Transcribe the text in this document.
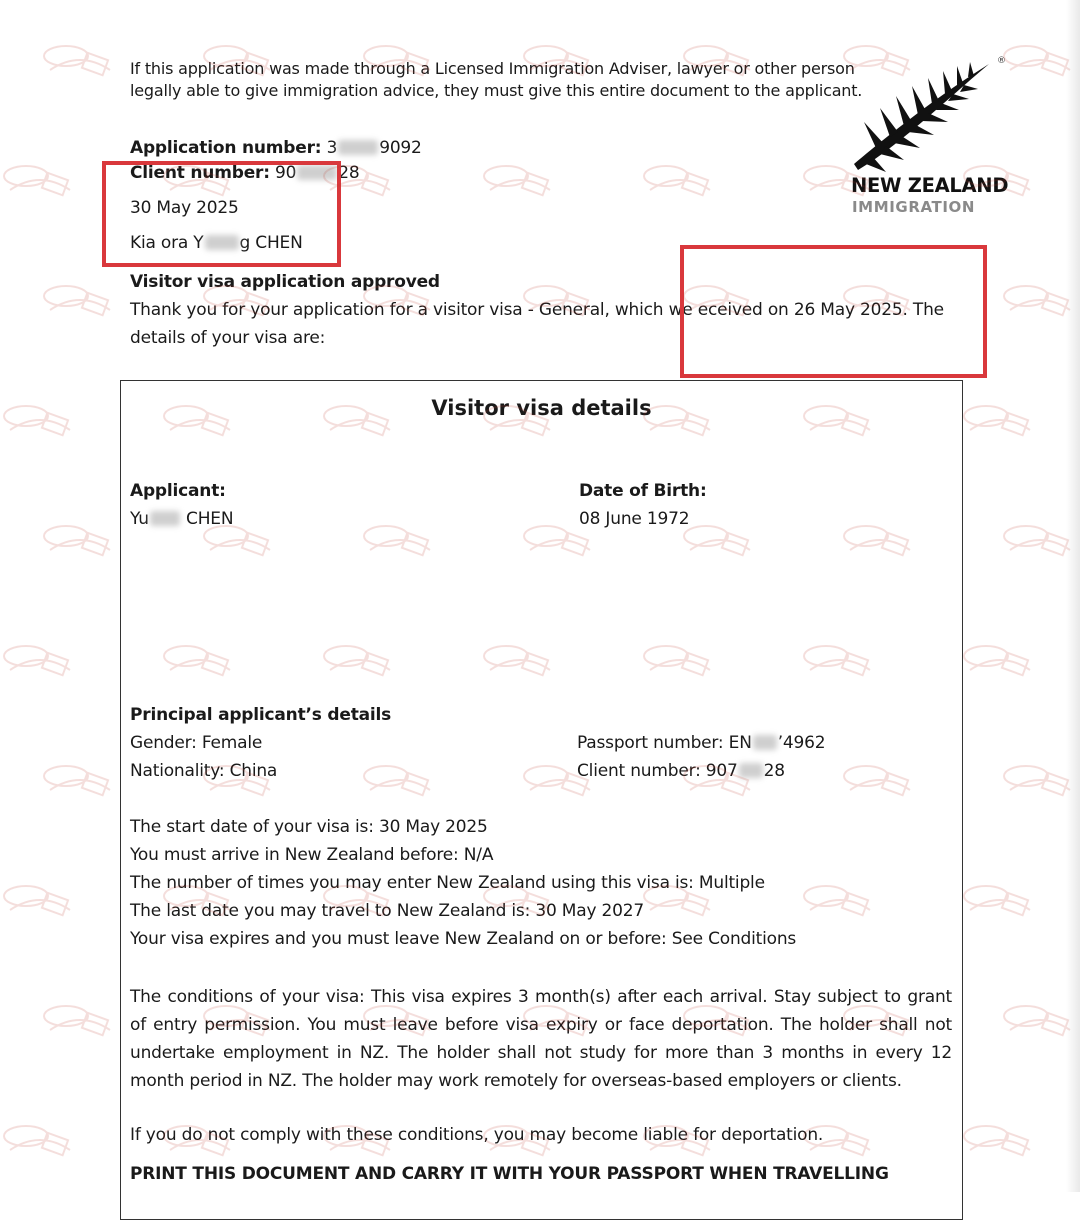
If this application was made through a Licensed Immigration Adviser, lawyer or other person
legally able to give immigration advice, they must give this entire document to the applicant.
®
NEW ZEALAND
IMMIGRATION
Application number: 3 9092
Client number: 90 28
30 May 2025
Kia ora Y g CHEN
Visitor visa application approved
Thank you for your application for a visitor visa - General, which we eceived on 26 May 2025. The
details of your visa are:
Visitor visa details
Applicant:
Yu CHEN
Date of Birth:
08 June 1972
Principal applicant’s details
Gender: Female
Nationality: China
Passport number: EN ’4962
Client number: 907 28
The start date of your visa is: 30 May 2025
You must arrive in New Zealand before: N/A
The number of times you may enter New Zealand using this visa is: Multiple
The last date you may travel to New Zealand is: 30 May 2027
Your visa expires and you must leave New Zealand on or before: See Conditions
The conditions of your visa: This visa expires 3 month(s) after each arrival. Stay subject to grant of entry permission. You must leave before visa expiry or face deportation. The holder shall not undertake employment in NZ. The holder shall not study for more than 3 months in every 12 month period in NZ. The holder may work remotely for overseas-based employers or clients.
If you do not comply with these conditions, you may become liable for deportation.
PRINT THIS DOCUMENT AND CARRY IT WITH YOUR PASSPORT WHEN TRAVELLING
